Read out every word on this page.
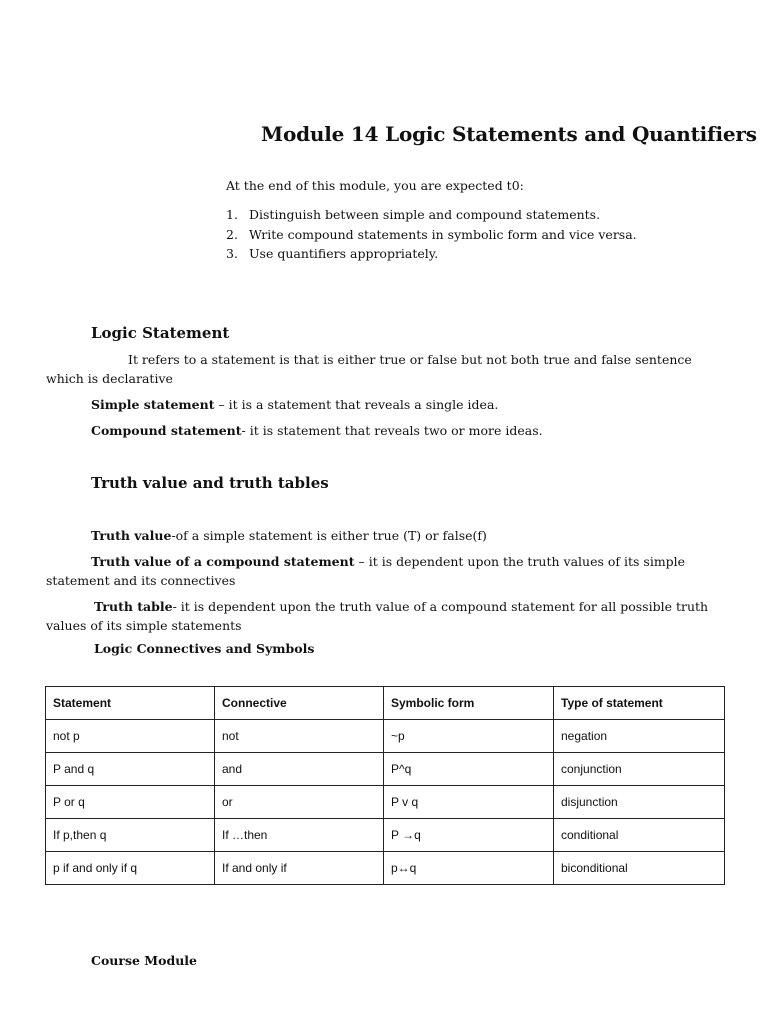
Module 14 Logic Statements and Quantifiers
At the end of this module, you are expected t0:
1. Distinguish between simple and compound statements.
2. Write compound statements in symbolic form and vice versa.
3. Use quantifiers appropriately.
Logic Statement
It refers to a statement is that is either true or false but not both true and false sentence
which is declarative
Simple statement – it is a statement that reveals a single idea.
Compound statement- it is statement that reveals two or more ideas.
Truth value and truth tables
Truth value-of a simple statement is either true (T) or false(f)
Truth value of a compound statement – it is dependent upon the truth values of its simple
statement and its connectives
Truth table- it is dependent upon the truth value of a compound statement for all possible truth
values of its simple statements
Logic Connectives and Symbols
Statement	Connective	Symbolic form	Type of statement
not p	not	~p	negation
P and q	and	P^q	conjunction
P or q	or	P v q	disjunction
If p,then q	If …then	P →q	conditional
p if and only if q	If and only if	p↔q	biconditional
Course Module
